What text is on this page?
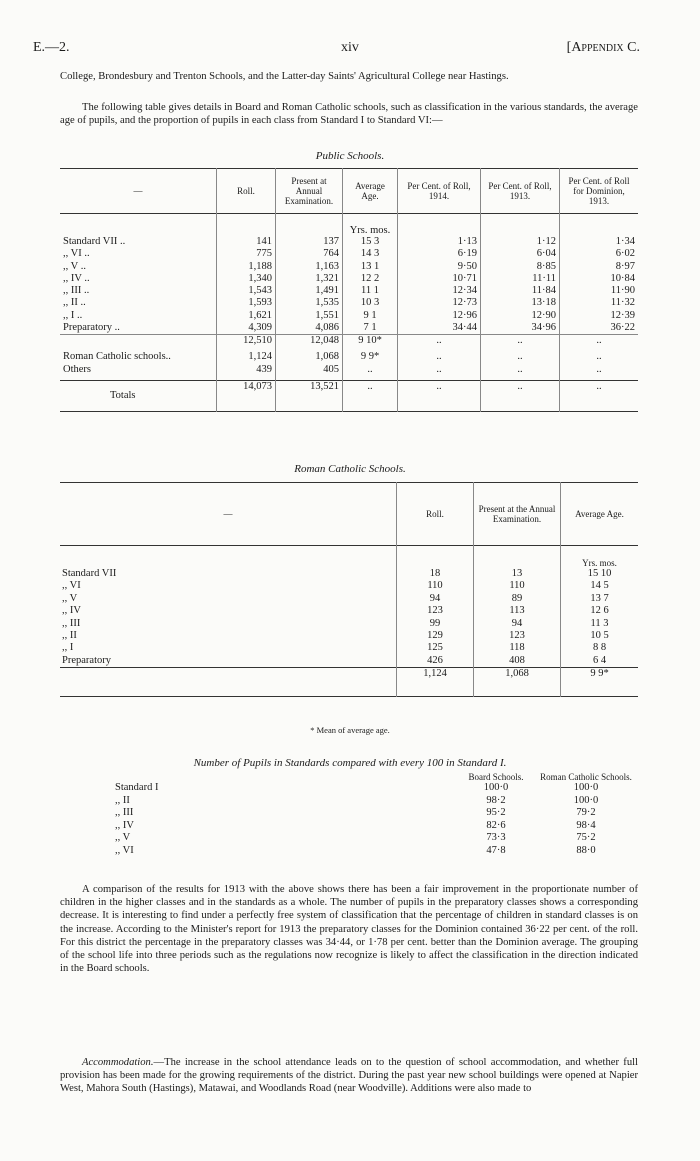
E.—2.	xiv	[Appendix C.
College, Brondesbury and Trenton Schools, and the Latter-day Saints' Agricultural College near Hastings.
The following table gives details in Board and Roman Catholic schools, such as classification in the various standards, the average age of pupils, and the proportion of pupils in each class from Standard I to Standard VI:—
Public Schools.
—	Roll.	Present at Annual Examination.	Average Age.	Per Cent. of Roll, 1914.	Per Cent. of Roll, 1913.	Per Cent. of Roll for Dominion, 1913.
			Yrs. mos.			
Standard VII ..	141	137	15 3	1·13	1·12	1·34
,, VI ..	775	764	14 3	6·19	6·04	6·02
,, V ..	1,188	1,163	13 1	9·50	8·85	8·97
,, IV ..	1,340	1,321	12 2	10·71	11·11	10·84
,, III ..	1,543	1,491	11 1	12·34	11·84	11·90
,, II ..	1,593	1,535	10 3	12·73	13·18	11·32
,, I ..	1,621	1,551	9 1	12·96	12·90	12·39
Preparatory ..	4,309	4,086	7 1	34·44	34·96	36·22
	12,510	12,048	9 10*	..	..	..
Roman Catholic schools..	1,124	1,068	9 9*	..	..	..
Others	439	405	..	..	..	..
Totals	14,073	13,521	..	..	..	..
Roman Catholic Schools.
—	Roll.	Present at the Annual Examination.	Average Age.
			Yrs. mos.
Standard VII	18	13	15 10
,, VI	110	110	14 5
,, V	94	89	13 7
,, IV	123	113	12 6
,, III	99	94	11 3
,, II	129	123	10 5
,, I	125	118	8 8
Preparatory	426	408	6 4
	1,124	1,068	9 9*
* Mean of average age.
Number of Pupils in Standards compared with every 100 in Standard I.
	Board Schools.	Roman Catholic Schools.
Standard I	100·0	100·0
,, II	98·2	100·0
,, III	95·2	79·2
,, IV	82·6	98·4
,, V	73·3	75·2
,, VI	47·8	88·0
A comparison of the results for 1913 with the above shows there has been a fair improvement in the proportionate number of children in the higher classes and in the standards as a whole. The number of pupils in the preparatory classes shows a corresponding decrease. It is interesting to find under a perfectly free system of classification that the percentage of children in standard classes is on the increase. According to the Minister's report for 1913 the preparatory classes for the Dominion contained 36·22 per cent. of the roll. For this district the percentage in the preparatory classes was 34·44, or 1·78 per cent. better than the Dominion average. The grouping of the school life into three periods such as the regulations now recognize is likely to affect the classification in the direction indicated in the Board schools.
Accommodation.—The increase in the school attendance leads on to the question of school accommodation, and whether full provision has been made for the growing requirements of the district. During the past year new school buildings were opened at Napier West, Mahora South (Hastings), Matawai, and Woodlands Road (near Woodville). Additions were also made to
